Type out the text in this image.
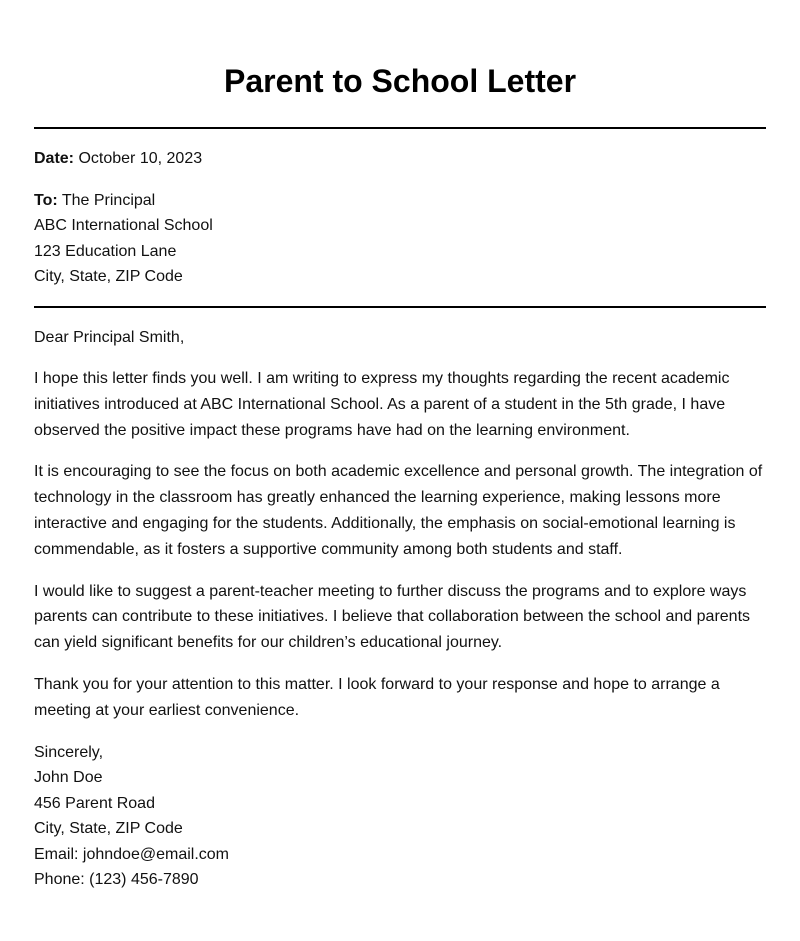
Parent to School Letter

Date: October 10, 2023

To: The Principal

ABC International School

123 Education Lane

City, State, ZIP Code

Dear Principal Smith,

I hope this letter finds you well. I am writing to express my thoughts regarding the recent academic initiatives introduced at ABC International School. As a parent of a student in the 5th grade, I have observed the positive impact these programs have had on the learning environment.

It is encouraging to see the focus on both academic excellence and personal growth. The integration of technology in the classroom has greatly enhanced the learning experience, making lessons more interactive and engaging for the students. Additionally, the emphasis on social-emotional learning is commendable, as it fosters a supportive community among both students and staff.

I would like to suggest a parent-teacher meeting to further discuss the programs and to explore ways parents can contribute to these initiatives. I believe that collaboration between the school and parents can yield significant benefits for our children’s educational journey.

Thank you for your attention to this matter. I look forward to your response and hope to arrange a meeting at your earliest convenience.

Sincerely,

John Doe

456 Parent Road

City, State, ZIP Code

Email: johndoe@email.com

Phone: (123) 456-7890
